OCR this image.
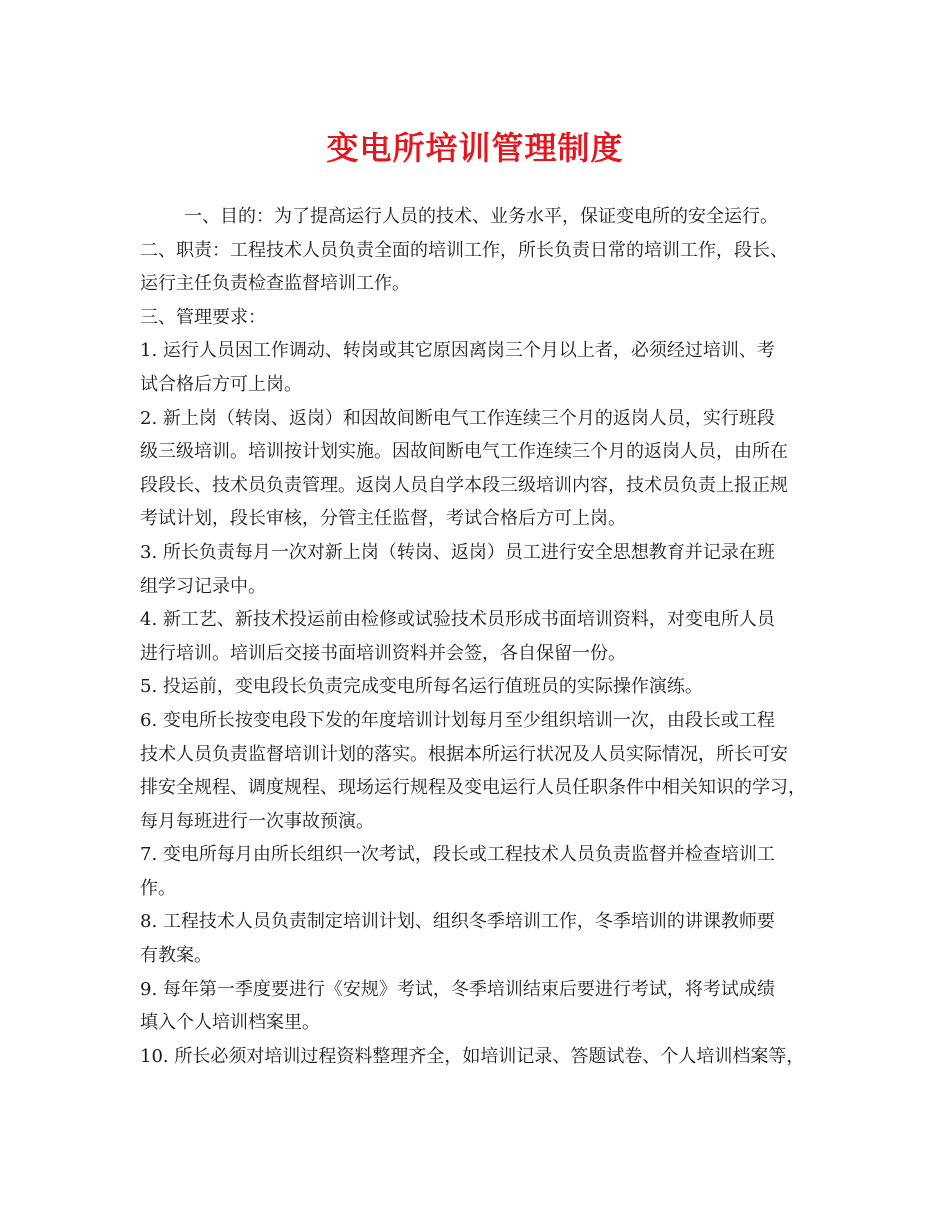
变电所培训管理制度

一、目的：为了提高运行人员的技术、业务水平，保证变电所的安全运行。

二、职责：工程技术人员负责全面的培训工作，所长负责日常的培训工作，段长、

运行主任负责检查监督培训工作。

三、管理要求：

1. 运行人员因工作调动、转岗或其它原因离岗三个月以上者，必须经过培训、考

试合格后方可上岗。

2. 新上岗（转岗、返岗）和因故间断电气工作连续三个月的返岗人员，实行班段

级三级培训。培训按计划实施。因故间断电气工作连续三个月的返岗人员，由所在

段段长、技术员负责管理。返岗人员自学本段三级培训内容，技术员负责上报正规

考试计划，段长审核，分管主任监督，考试合格后方可上岗。

3. 所长负责每月一次对新上岗（转岗、返岗）员工进行安全思想教育并记录在班

组学习记录中。

4. 新工艺、新技术投运前由检修或试验技术员形成书面培训资料，对变电所人员

进行培训。培训后交接书面培训资料并会签，各自保留一份。

5. 投运前，变电段长负责完成变电所每名运行值班员的实际操作演练。

6. 变电所长按变电段下发的年度培训计划每月至少组织培训一次，由段长或工程

技术人员负责监督培训计划的落实。根据本所运行状况及人员实际情况，所长可安

排安全规程、调度规程、现场运行规程及变电运行人员任职条件中相关知识的学习，

每月每班进行一次事故预演。

7. 变电所每月由所长组织一次考试，段长或工程技术人员负责监督并检查培训工

作。

8. 工程技术人员负责制定培训计划、组织冬季培训工作，冬季培训的讲课教师要

有教案。

9. 每年第一季度要进行《安规》考试，冬季培训结束后要进行考试，将考试成绩

填入个人培训档案里。

10. 所长必须对培训过程资料整理齐全，如培训记录、答题试卷、个人培训档案等，
